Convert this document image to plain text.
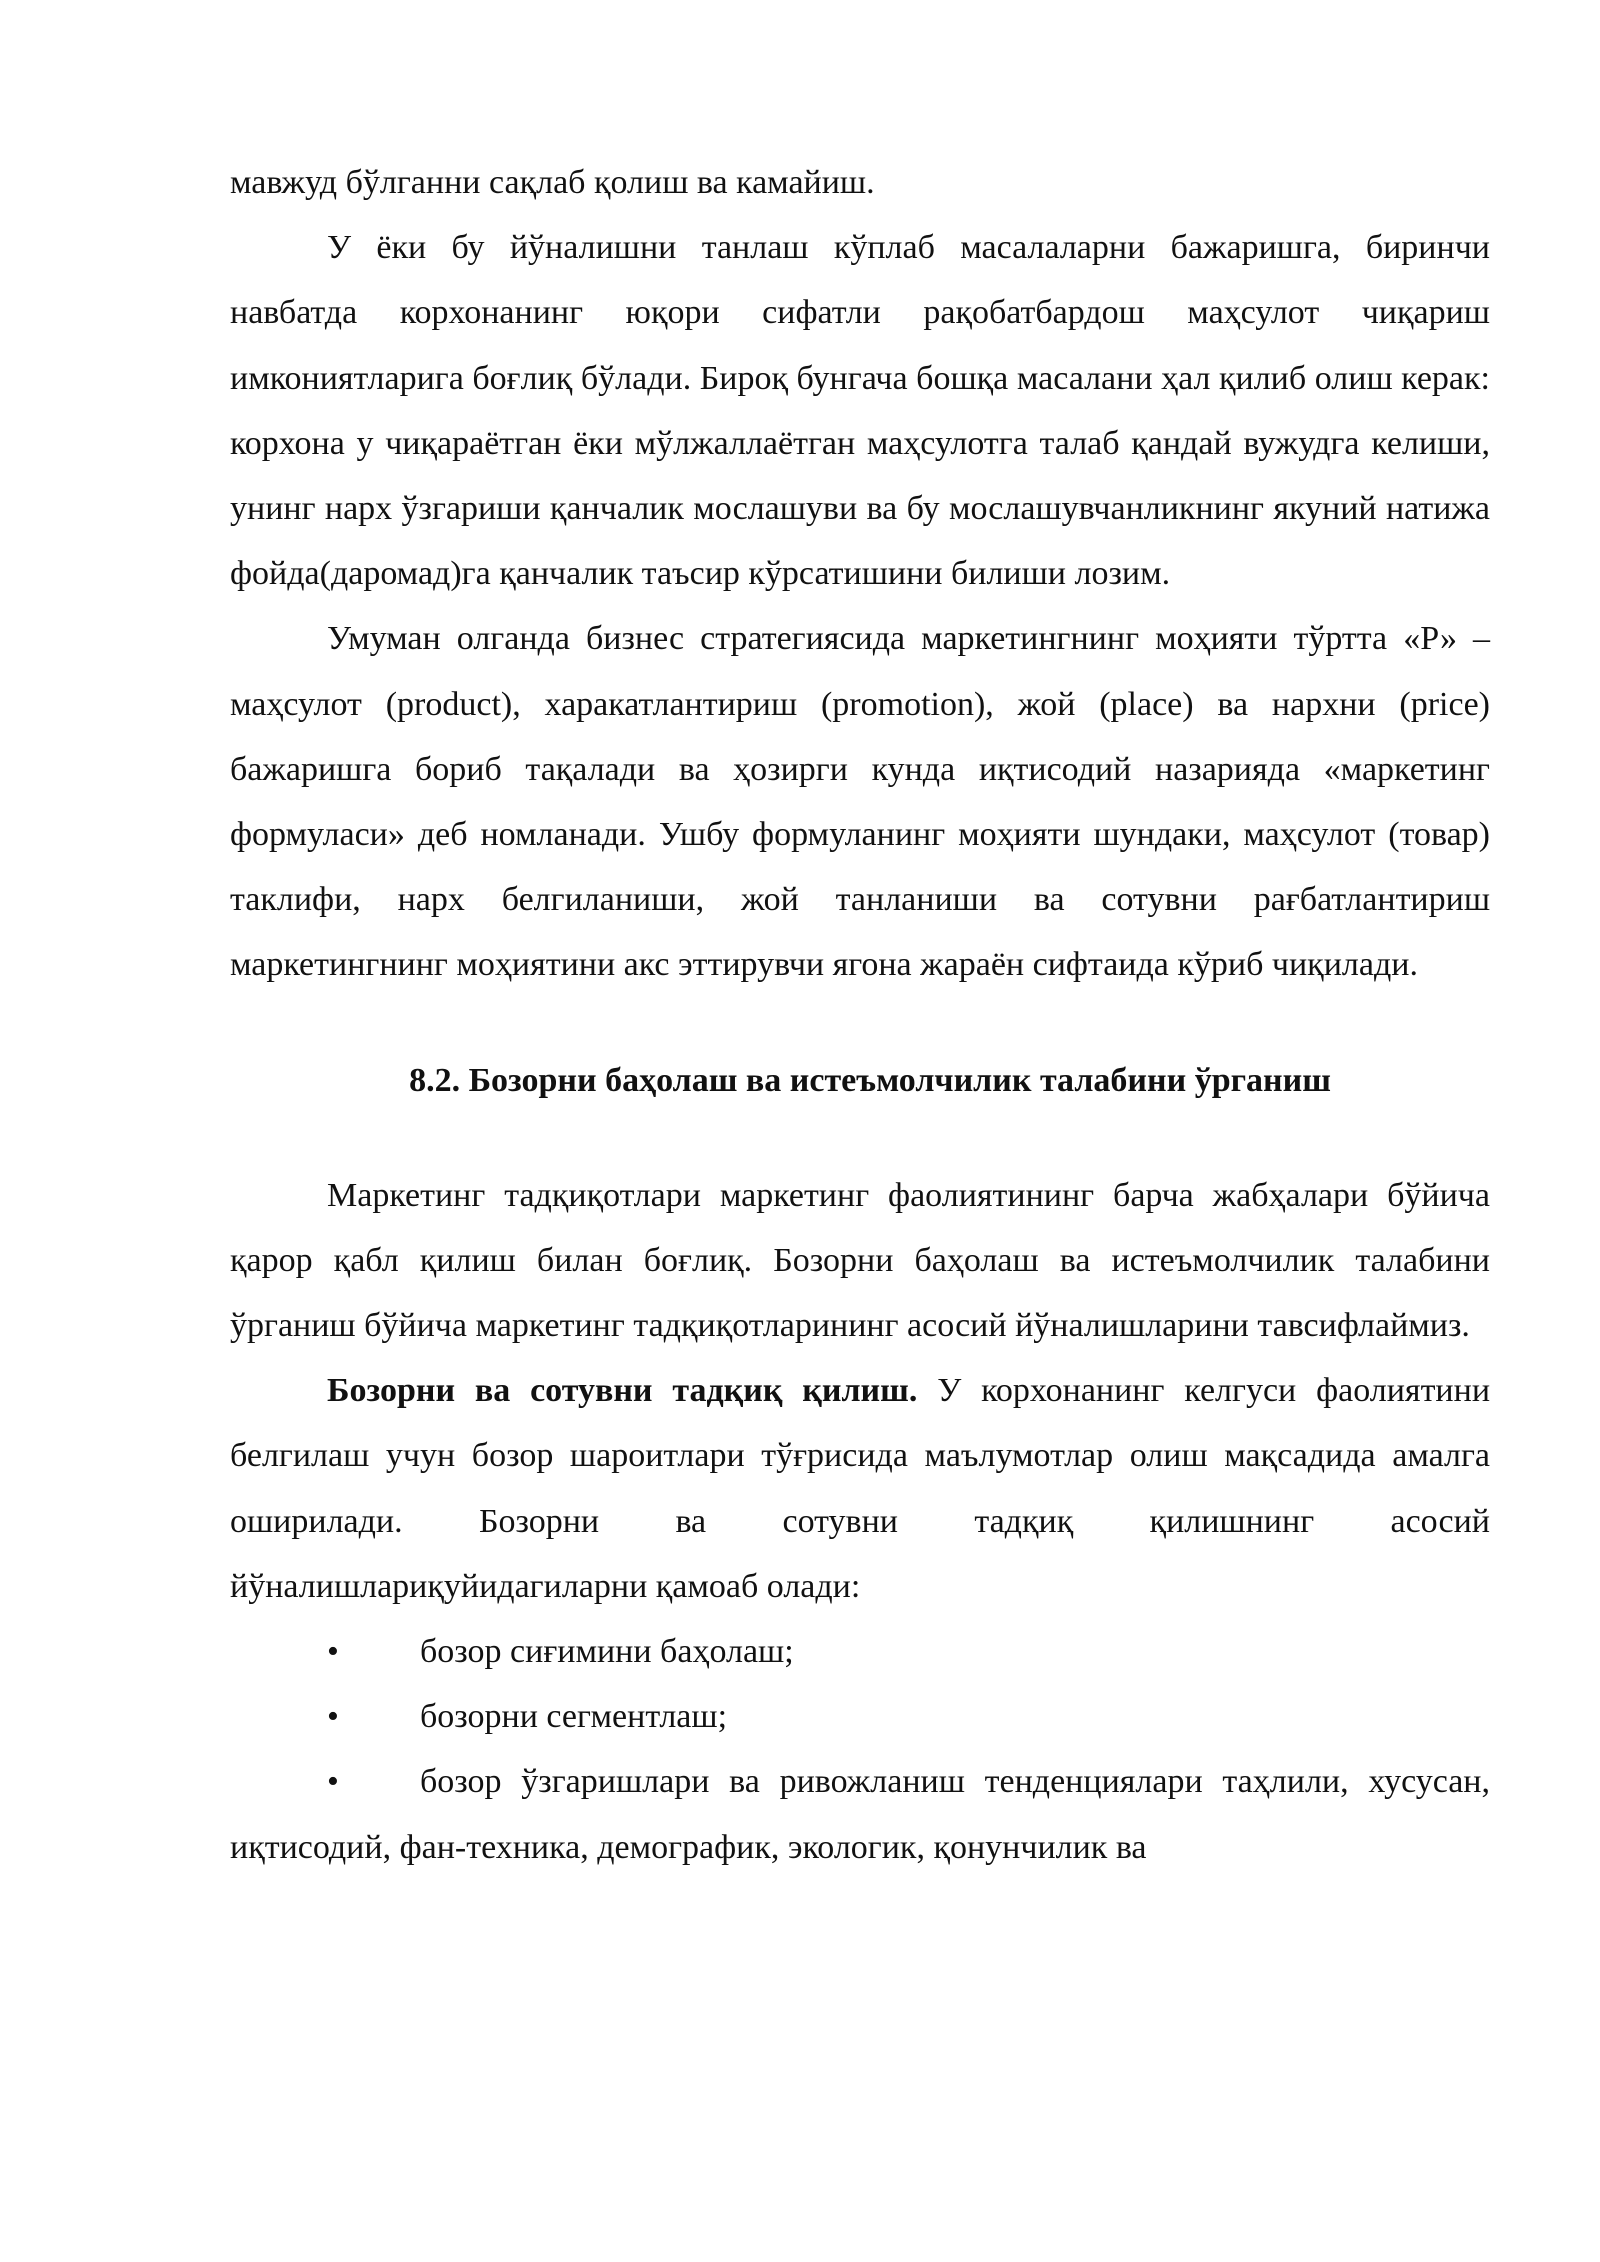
мавжуд бўлганни сақлаб қолиш ва камайиш.

У ёки бу йўналишни танлаш кўплаб масалаларни бажаришга, биринчи навбатда корхонанинг юқори сифатли рақобатбардош маҳсулот чиқариш имкониятларига боғлиқ бўлади. Бироқ бунгача бошқа масалани ҳал қилиб олиш керак: корхона у чиқараётган ёки мўлжаллаётган маҳсулотга талаб қандай вужудга келиши, унинг нарх ўзгариши қанчалик мослашуви ва бу мослашувчанликнинг якуний натижа фойда(даромад)га қанчалик таъсир кўрсатишини билиши лозим.

Умуман олганда бизнес стратегиясида маркетингнинг моҳияти тўртта «Р» – маҳсулот (product), харакатлантириш (promotion), жой (place) ва нархни (price) бажаришга бориб тақалади ва ҳозирги кунда иқтисодий назарияда «маркетинг формуласи» деб номланади. Ушбу формуланинг моҳияти шундаки, маҳсулот (товар) таклифи, нарх белгиланиши, жой танланиши ва сотувни рағбатлантириш маркетингнинг моҳиятини акс эттирувчи ягона жараён сифтаида кўриб чиқилади.

8.2. Бозорни баҳолаш ва истеъмолчилик талабини ўрганиш

Маркетинг тадқиқотлари маркетинг фаолиятининг барча жабҳалари бўйича қарор қабл қилиш билан боғлиқ. Бозорни баҳолаш ва истеъмолчилик талабини ўрганиш бўйича маркетинг тадқиқотларининг асосий йўналишларини тавсифлаймиз.

Бозорни ва сотувни тадқиқ қилиш. У корхонанинг келгуси фаолиятини белгилаш учун бозор шароитлари тўғрисида маълумотлар олиш мақсадида амалга оширилади. Бозорни ва сотувни тадқиқ қилишнинг асосий йўналишлариқуйидагиларни қамоаб олади:

•	бозор сиғимини баҳолаш;

•	бозорни сегментлаш;

•	бозор ўзгаришлари ва ривожланиш тенденциялари таҳлили, хусусан, иқтисодий, фан-техника, демографик, экологик, қонунчилик ва
